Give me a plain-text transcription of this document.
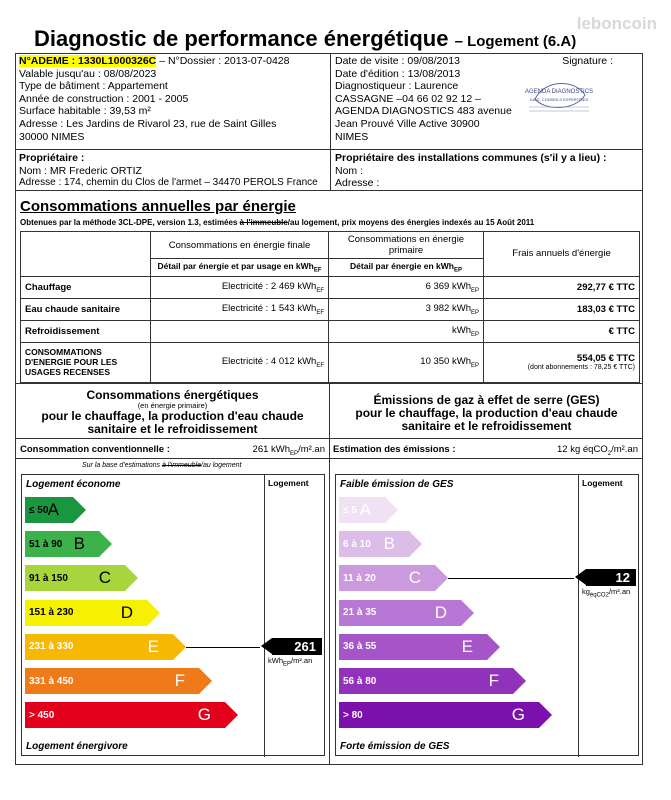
Diagnostic de performance énergétique – Logement (6.A)
leboncoin
N°ADEME : 1330L1000326C – N°Dossier : 2013-07-0428
Valable jusqu'au : 08/08/2023
Type de bâtiment : Appartement
Année de construction : 2001 - 2005
Surface habitable : 39,53 m²
Adresse : Les Jardins de Rivarol 23, rue de Saint Gilles
30000 NIMES
Date de visite : 09/08/2013
Date d'édition : 13/08/2013
Diagnostiqueur : Laurence
CASSAGNE –04 66 02 92 12 –
AGENDA DIAGNOSTICS 483 avenue
Jean Prouvé Ville Active 30900
NIMES
Signature :
AGENDA DIAGNOSTICS
DIAG, CONSEILS EXPERTISES
Propriétaire :
Nom : MR Frederic ORTIZ
Adresse : 174, chemin du Clos de l'armet – 34470 PEROLS France
Propriétaire des installations communes (s'il y a lieu) :
Nom :
Adresse :
Consommations annuelles par énergie
Obtenues par la méthode 3CL-DPE, version 1.3, estimées à l'immeuble/au logement, prix moyens des énergies indexés au 15 Août 2011
	Consommations en énergie finale	Consommations en énergie primaire	Frais annuels d'énergie
	Détail par énergie et par usage en kWh$_{EF}$	Détail par énergie en kWh$_{EP}$
Chauffage	Electricité : 2 469 kWh$_{EF}$	6 369 kWh$_{EP}$	292,77 € TTC
Eau chaude sanitaire	Electricité : 1 543 kWh$_{EF}$	3 982 kWh$_{EP}$	183,03 € TTC
Refroidissement		kWh$_{EP}$	€ TTC
CONSOMMATIONS D'ENERGIE POUR LES USAGES RECENSES	Electricité : 4 012 kWh$_{EF}$	10 350 kWh$_{EP}$	554,05 € TTC
(dont abonnements : 78,25 € TTC)
Consommations énergétiques
(en énergie primaire)
pour le chauffage, la production d'eau chaude
sanitaire et le refroidissement
Consommation conventionnelle :	261 kWh$_{EP}$/m².an
Sur la base d'estimations à l'immeuble/au logement
Logement économe	Logement
Logement énergivore
≤ 50 A
51 à 90 B
91 à 150 C
151 à 230	D
231 à 330	E
331 à 450	F
> 450	G
261
kWh$_{EP}$/m².an
Émissions de gaz à effet de serre (GES)
pour le chauffage, la production d'eau chaude
sanitaire et le refroidissement
Estimation des émissions :	12 kg éqCO$_2$/m².an
Faible émission de GES	Logement
Forte émission de GES
≤ 5 A
6 à 10 B
11 à 20 C
21 à 35	D
36 à 55	E
56 à 80	F
> 80	G
12
$kg_{éqCO2}/m^2.an$
